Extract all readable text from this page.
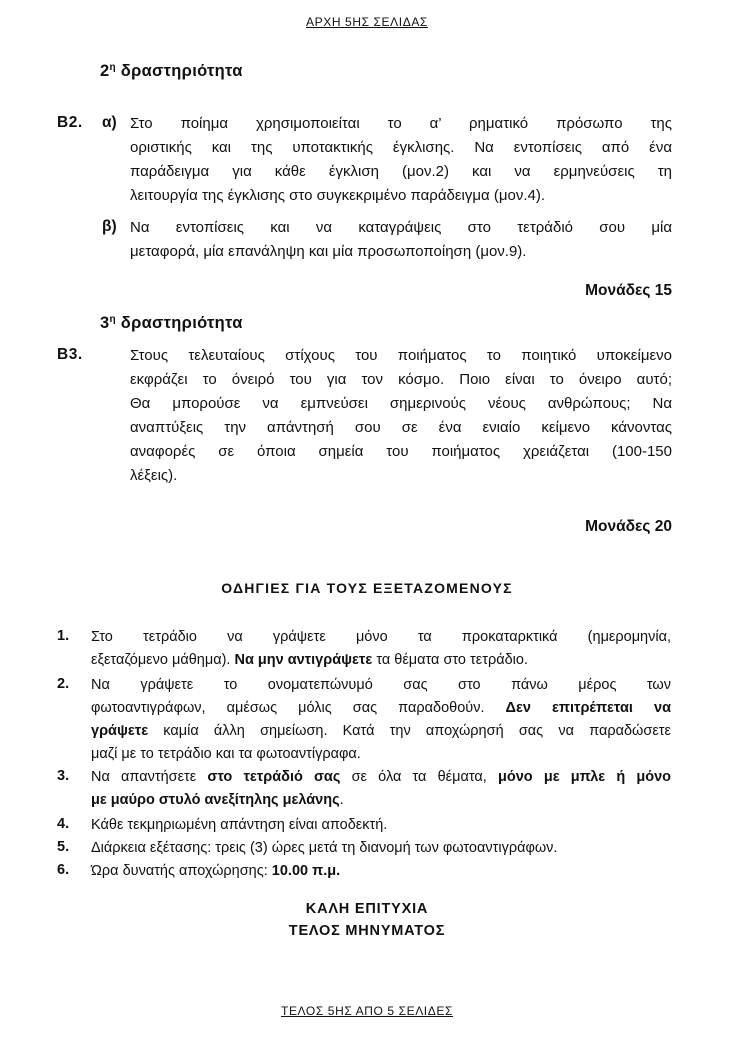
ΑΡΧΗ 5ΗΣ ΣΕΛΙΔΑΣ
$2^\eta$ δραστηριότητα
Β2. α) Στο ποίημα χρησιμοποιείται το α’ ρηματικό πρόσωπο της
οριστικής και της υποτακτικής έγκλισης. Να εντοπίσεις από ένα
παράδειγμα για κάθε έγκλιση (μον.2) και να ερμηνεύσεις τη
λειτουργία της έγκλισης στο συγκεκριμένο παράδειγμα (μον.4).
β) Να εντοπίσεις και να καταγράψεις στο τετράδιό σου μία
μεταφορά, μία επανάληψη και μία προσωποποίηση (μον.9).
Μονάδες 15
$3^\eta$ δραστηριότητα
Β3.	Στους τελευταίους στίχους του ποιήματος το ποιητικό υποκείμενο
εκφράζει το όνειρό του για τον κόσμο. Ποιο είναι το όνειρο αυτό;
Θα μπορούσε να εμπνεύσει σημερινούς νέους ανθρώπους; Να
αναπτύξεις την απάντησή σου σε ένα ενιαίο κείμενο κάνοντας
αναφορές σε όποια σημεία του ποιήματος χρειάζεται (100-150
λέξεις).
Μονάδες 20
ΟΔΗΓΙΕΣ ΓΙΑ ΤΟΥΣ ΕΞΕΤΑΖΟΜΕΝΟΥΣ
1. Στο τετράδιο να γράψετε μόνο τα προκαταρκτικά (ημερομηνία,
εξεταζόμενο μάθημα). Να μην αντιγράψετε τα θέματα στο τετράδιο.
2. Να γράψετε το ονοματεπώνυμό σας στο πάνω μέρος των
φωτοαντιγράφων, αμέσως μόλις σας παραδοθούν. Δεν επιτρέπεται να
γράψετε καμία άλλη σημείωση. Κατά την αποχώρησή σας να παραδώσετε
μαζί με το τετράδιο και τα φωτοαντίγραφα.
3. Να απαντήσετε στο τετράδιό σας σε όλα τα θέματα, μόνο με μπλε ή μόνο
με μαύρο στυλό ανεξίτηλης μελάνης.
4. Κάθε τεκμηριωμένη απάντηση είναι αποδεκτή.
5. Διάρκεια εξέτασης: τρεις (3) ώρες μετά τη διανομή των φωτοαντιγράφων.
6. Ώρα δυνατής αποχώρησης: 10.00 π.μ.
ΚΑΛΗ ΕΠΙΤΥΧΙΑ
ΤΕΛΟΣ ΜΗΝΥΜΑΤΟΣ
ΤΕΛΟΣ 5ΗΣ ΑΠΟ 5 ΣΕΛΙΔΕΣ
